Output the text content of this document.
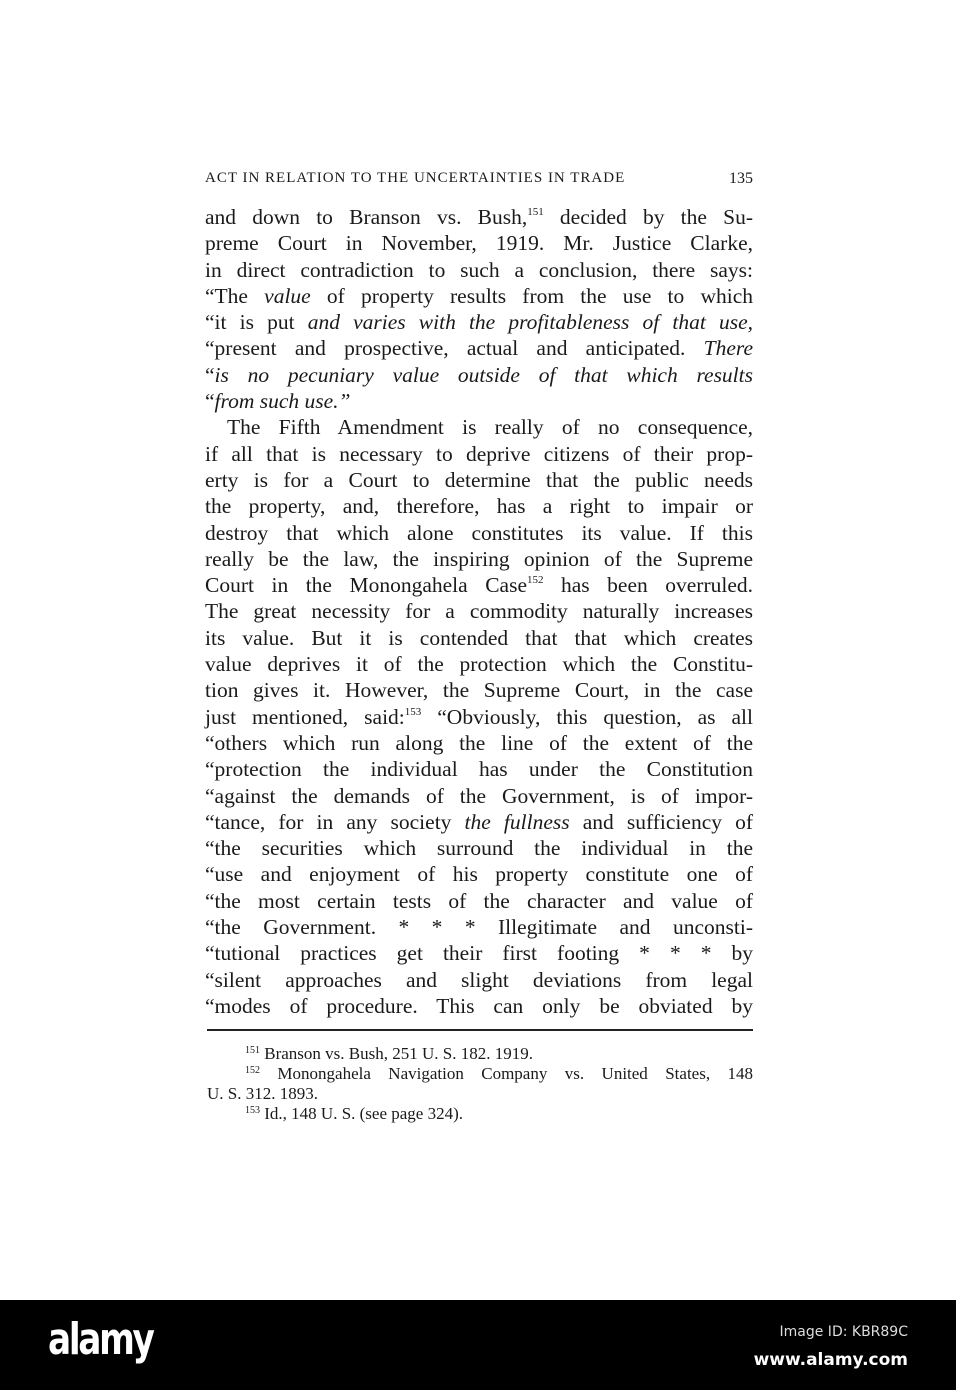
ACT IN RELATION TO THE UNCERTAINTIES IN TRADE	135
and down to Branson vs. Bush,$^{151}$ decided by the Su-
preme Court in November, 1919. Mr. Justice Clarke,
in direct contradiction to such a conclusion, there says:
“The value of property results from the use to which
“it is put and varies with the profitableness of that use,
“present and prospective, actual and anticipated. There
“is no pecuniary value outside of that which results
“from such use.”
The Fifth Amendment is really of no consequence,
if all that is necessary to deprive citizens of their prop-
erty is for a Court to determine that the public needs
the property, and, therefore, has a right to impair or
destroy that which alone constitutes its value. If this
really be the law, the inspiring opinion of the Supreme
Court in the Monongahela Case$^{152}$ has been overruled.
The great necessity for a commodity naturally increases
its value. But it is contended that that which creates
value deprives it of the protection which the Constitu-
tion gives it. However, the Supreme Court, in the case
just mentioned, said:$^{153}$ “Obviously, this question, as all
“others which run along the line of the extent of the
“protection the individual has under the Constitution
“against the demands of the Government, is of impor-
“tance, for in any society the fullness and sufficiency of
“the securities which surround the individual in the
“use and enjoyment of his property constitute one of
“the most certain tests of the character and value of
“the Government. * * * Illegitimate and unconsti-
“tutional practices get their first footing * * * by
“silent approaches and slight deviations from legal
“modes of procedure. This can only be obviated by
$^{151}$ Branson vs. Bush, 251 U. S. 182. 1919.
$^{152}$ Monongahela Navigation Company vs. United States, 148
U. S. 312. 1893.
$^{153}$ Id., 148 U. S. (see page 324).
alamy	Image ID: KBR89C
www.alamy.com
